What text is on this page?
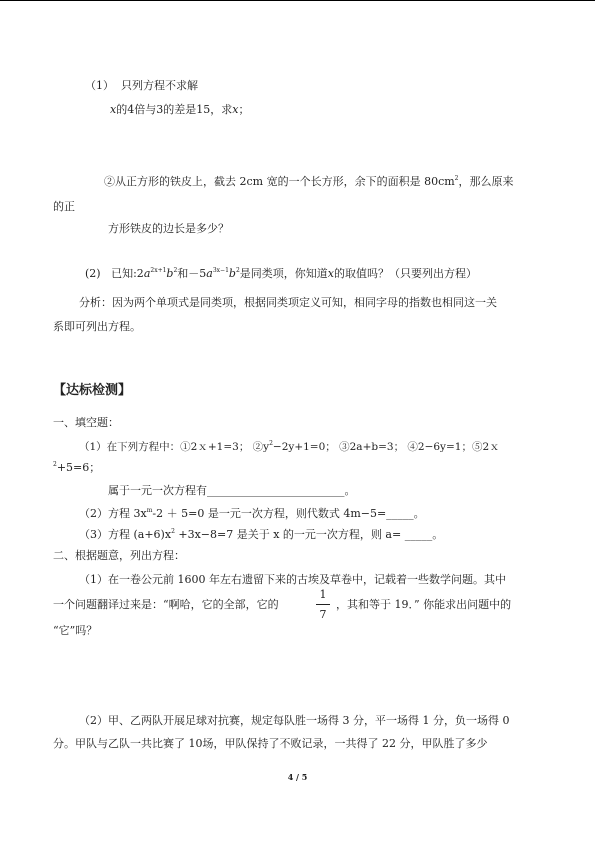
（1） 只列方程不求解
x的4倍与3的差是15，求x；
②从正方形的铁皮上，截去 2cm 宽的一个长方形，余下的面积是 $80cm^2$，那么原来
的正
方形铁皮的边长是多少？
(2) 已知$:2a^{2x+1}b^2$和$-5a^{3x-1}b^2$是同类项，你知道x的取值吗？（只要列出方程）
分析：因为两个单项式是同类项，根据同类项定义可知，相同字母的指数也相同这一关
系即可列出方程。
【达标检测】
一、填空题：
（1）在下列方程中：①2ｘ+1=3； $②y^2-2y+1=0$； ③2a+b=3； ④2−6y=1；⑤2ｘ
$^2$+5=6；
属于一元一次方程有_________________________。
（2）方程 $3x^m-2 + 5=0$ 是一元一次方程，则代数式 4m−5=_____。
（3）方程 $(a+6)x^2 +3x-8=7$ 是关于 x 的一元一次方程，则 a= _____。
二、根据题意，列出方程：
（1）在一卷公元前 1600 年左右遗留下来的古埃及草卷中，记载着一些数学问题。其中
一个问题翻译过来是：“啊哈，它的全部，它的
1
7
，其和等于 19．” 你能求出问题中的
“它”吗？
（2）甲、乙两队开展足球对抗赛，规定每队胜一场得 3 分，平一场得 1 分，负一场得 0
分。甲队与乙队一共比赛了 10场，甲队保持了不败记录，一共得了 22 分，甲队胜了多少
4 / 5
